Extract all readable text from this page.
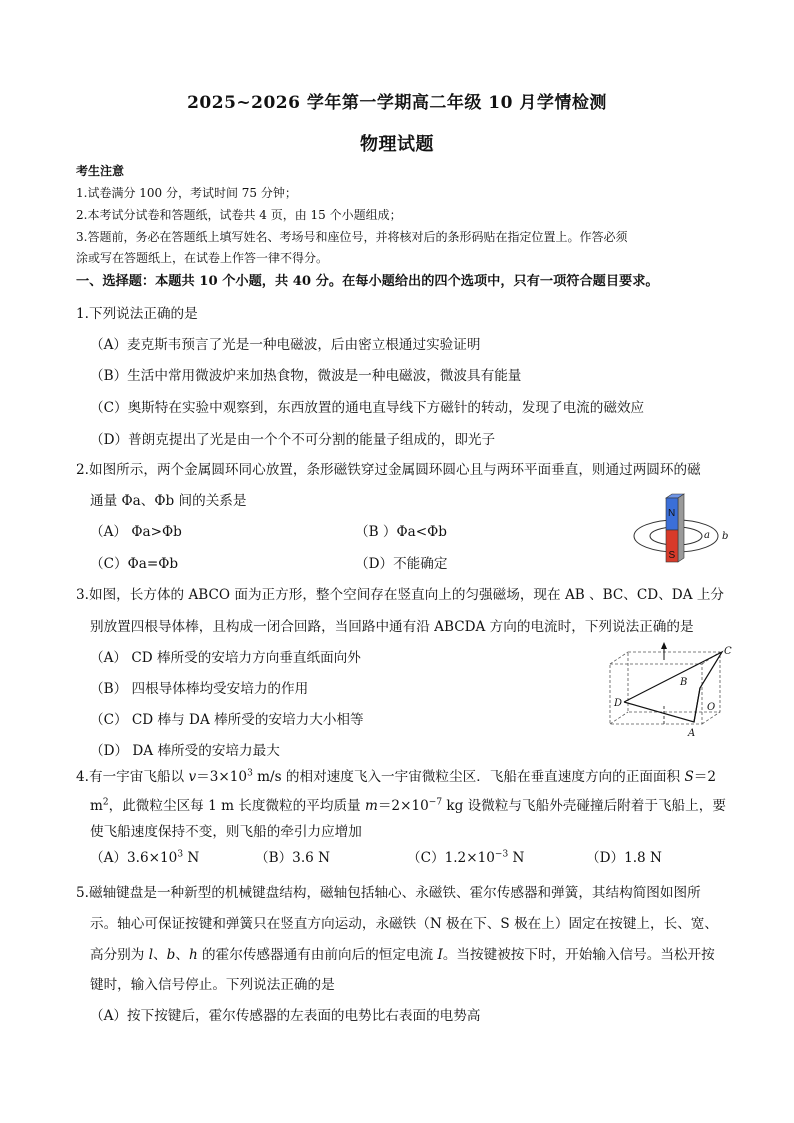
2025~2026 学年第一学期高二年级 10 月学情检测
物理试题
考生注意
1.试卷满分 100 分，考试时间 75 分钟；
2.本考试分试卷和答题纸，试卷共 4 页，由 15 个小题组成；
3.答题前，务必在答题纸上填写姓名、考场号和座位号，并将核对后的条形码贴在指定位置上。作答必须
涂或写在答题纸上，在试卷上作答一律不得分。
一、选择题：本题共 10 个小题，共 40 分。在每小题给出的四个选项中，只有一项符合题目要求。
1.下列说法正确的是
（A）麦克斯韦预言了光是一种电磁波，后由密立根通过实验证明
（B）生活中常用微波炉来加热食物，微波是一种电磁波，微波具有能量
（C）奥斯特在实验中观察到，东西放置的通电直导线下方磁针的转动，发现了电流的磁效应
（D）普朗克提出了光是由一个个不可分割的能量子组成的，即光子
2.如图所示，两个金属圆环同心放置，条形磁铁穿过金属圆环圆心且与两环平面垂直，则通过两圆环的磁
通量 Φa、Φb 间的关系是
（A） Φa>Φb	（B ）Φa<Φb
（C）Φa=Φb	（D）不能确定
N
S
a b
3.如图，长方体的 ABCO 面为正方形，整个空间存在竖直向上的匀强磁场，现在 AB 、BC、CD、DA 上分
别放置四根导体棒，且构成一闭合回路，当回路中通有沿 ABCDA 方向的电流时，下列说法正确的是
（A） CD 棒所受的安培力方向垂直纸面向外
（B） 四根导体棒均受安培力的作用
（C） CD 棒与 DA 棒所受的安培力大小相等
（D） DA 棒所受的安培力最大
C
B
D	O
A
4.有一宇宙飞船以 $v=3\times 10^3$ m/s 的相对速度飞入一宇宙微粒尘区．飞船在垂直速度方向的正面面积 S＝2
$m^2$，此微粒尘区每 1 m 长度微粒的平均质量 $m=2\times 10^{-7}$ kg 设微粒与飞船外壳碰撞后附着于飞船上，要
使飞船速度保持不变，则飞船的牵引力应增加
$(A)3.6\times 10^3$ N	（B）3.6 N	$(C)1.2\times 10^{-3}$ N	（D）1.8 N
5.磁轴键盘是一种新型的机械键盘结构，磁轴包括轴心、永磁铁、霍尔传感器和弹簧，其结构简图如图所
示。轴心可保证按键和弹簧只在竖直方向运动，永磁铁（N 极在下、S 极在上）固定在按键上，长、宽、
高分别为 l、b、h 的霍尔传感器通有由前向后的恒定电流 I。当按键被按下时，开始输入信号。当松开按
键时，输入信号停止。下列说法正确的是
（A）按下按键后，霍尔传感器的左表面的电势比右表面的电势高
